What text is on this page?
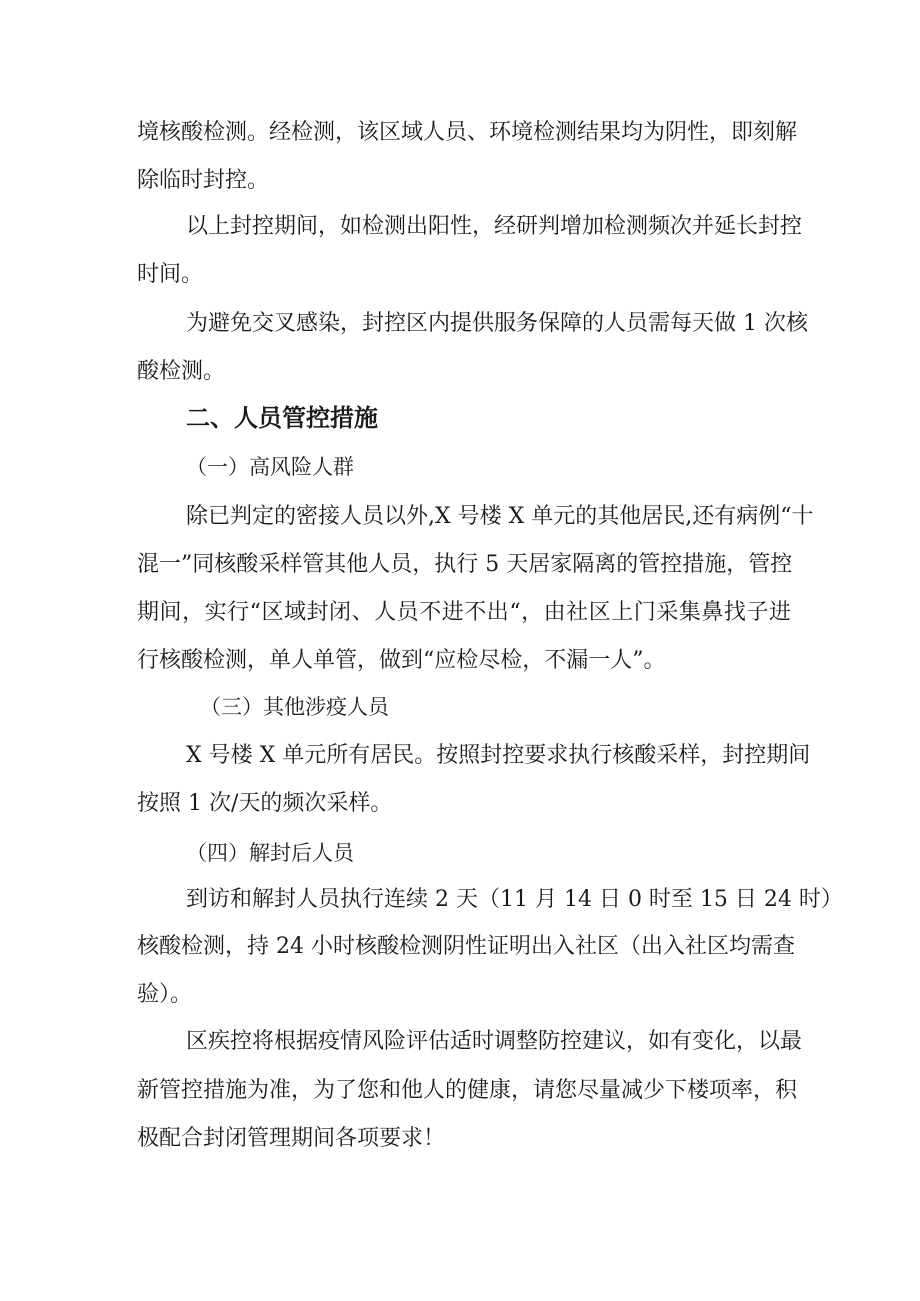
境核酸检测。经检测，该区域人员、环境检测结果均为阴性，即刻解
除临时封控。
以上封控期间，如检测出阳性，经研判增加检测频次并延长封控
时间。
为避免交叉感染，封控区内提供服务保障的人员需每天做 1 次核
酸检测。
二、人员管控措施
（一）高风险人群
除已判定的密接人员以外,X 号楼 X 单元的其他居民,还有病例“十
混一”同核酸采样管其他人员，执行 5 天居家隔离的管控措施，管控
期间，实行“区域封闭、人员不进不出“，由社区上门采集鼻找子进
行核酸检测，单人单管，做到“应检尽检，不漏一人”。
（三）其他涉疫人员
X 号楼 X 单元所有居民。按照封控要求执行核酸采样，封控期间
按照 1 次/天的频次采样。
（四）解封后人员
到访和解封人员执行连续 2 天（11 月 14 日 0 时至 15 日 24 时）
核酸检测，持 24 小时核酸检测阴性证明出入社区（出入社区均需查
验）。
区疾控将根据疫情风险评估适时调整防控建议，如有变化，以最
新管控措施为准，为了您和他人的健康，请您尽量减少下楼项率，积
极配合封闭管理期间各项要求！
